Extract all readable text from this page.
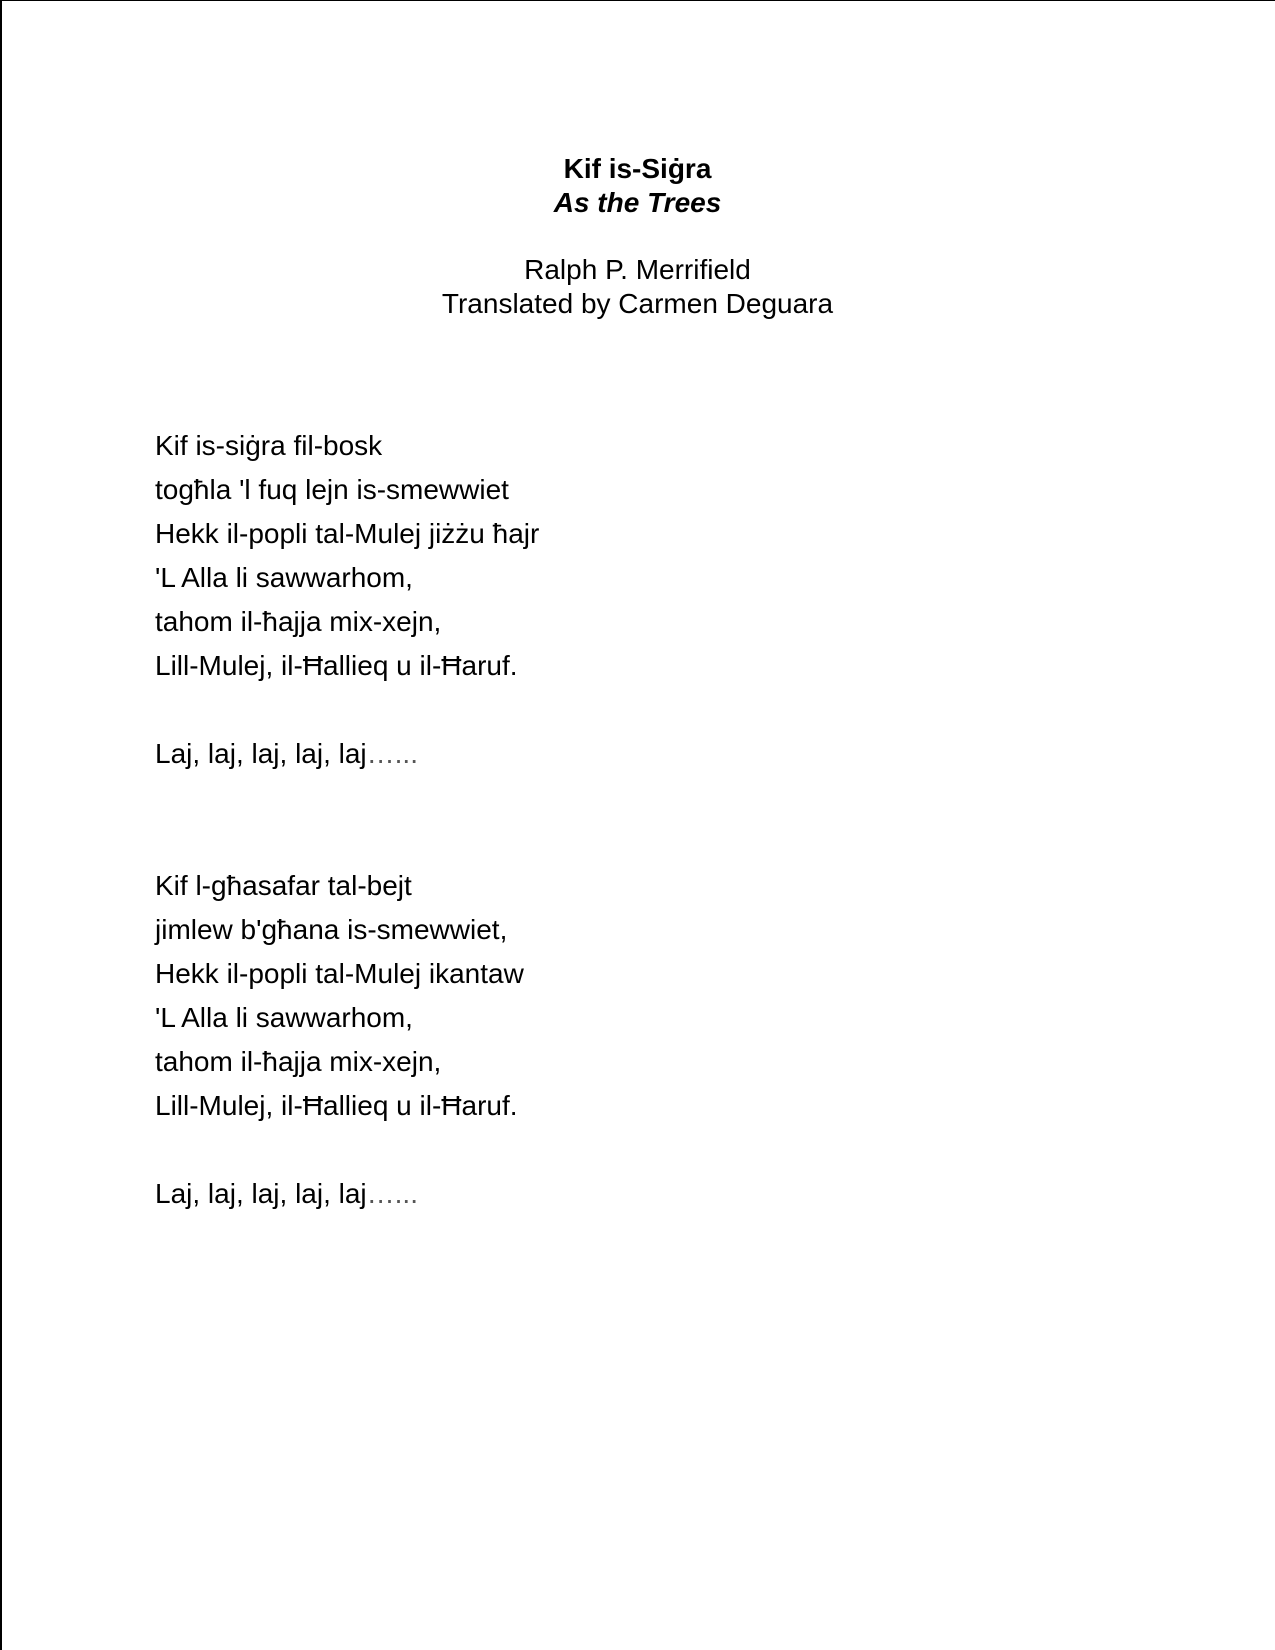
Kif is-Siġra
As the Trees
Ralph P. Merrifield
Translated by Carmen Deguara
Kif is-siġra fil-bosk
togħla 'l fuq lejn is-smewwiet
Hekk il-popli tal-Mulej jiżżu ħajr
'L Alla li sawwarhom,
tahom il-ħajja mix-xejn,
Lill-Mulej, il-Ħallieq u il-Ħaruf.
Laj, laj, laj, laj, laj…...
Kif l-għasafar tal-bejt
jimlew b'għana is-smewwiet,
Hekk il-popli tal-Mulej ikantaw
'L Alla li sawwarhom,
tahom il-ħajja mix-xejn,
Lill-Mulej, il-Ħallieq u il-Ħaruf.
Laj, laj, laj, laj, laj…...
